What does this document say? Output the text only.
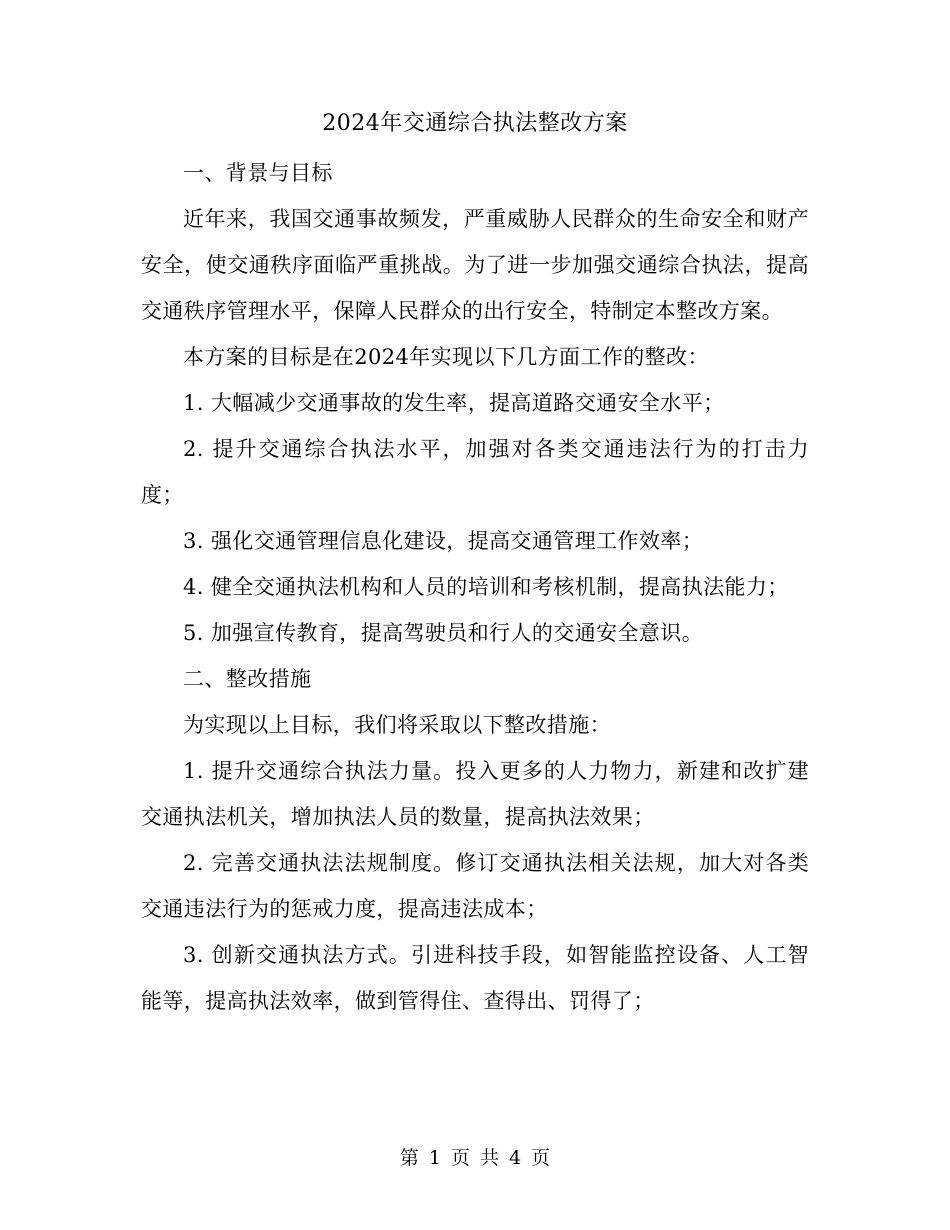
2024年交通综合执法整改方案

一、背景与目标

近年来，我国交通事故频发，严重威胁人民群众的生命安全和财产安全，使交通秩序面临严重挑战。为了进一步加强交通综合执法，提高交通秩序管理水平，保障人民群众的出行安全，特制定本整改方案。

本方案的目标是在2024年实现以下几方面工作的整改：

1. 大幅减少交通事故的发生率，提高道路交通安全水平；

2. 提升交通综合执法水平，加强对各类交通违法行为的打击力度；

3. 强化交通管理信息化建设，提高交通管理工作效率；

4. 健全交通执法机构和人员的培训和考核机制，提高执法能力；

5. 加强宣传教育，提高驾驶员和行人的交通安全意识。

二、整改措施

为实现以上目标，我们将采取以下整改措施：

1. 提升交通综合执法力量。投入更多的人力物力，新建和改扩建交通执法机关，增加执法人员的数量，提高执法效果；

2. 完善交通执法法规制度。修订交通执法相关法规，加大对各类交通违法行为的惩戒力度，提高违法成本；

3. 创新交通执法方式。引进科技手段，如智能监控设备、人工智能等，提高执法效率，做到管得住、查得出、罚得了；

第 1 页 共 4 页
